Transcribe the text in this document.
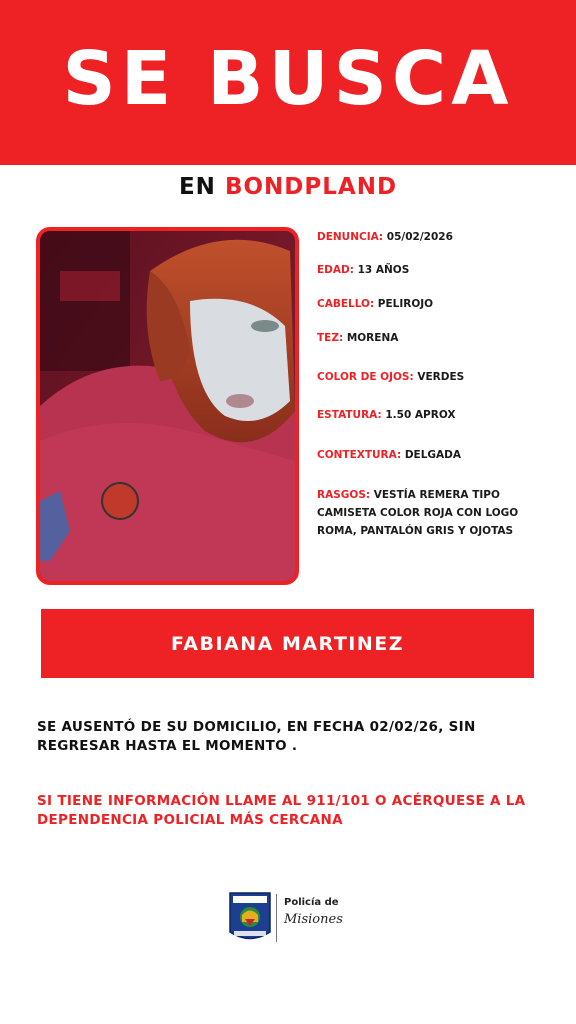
SE BUSCA
EN BONDPLAND
DENUNCIA: 05/02/2026
EDAD: 13 AÑOS
CABELLO: PELIROJO
TEZ: MORENA
COLOR DE OJOS: VERDES
ESTATURA: 1.50 APROX
CONTEXTURA: DELGADA
RASGOS: VESTÍA REMERA TIPO CAMISETA COLOR ROJA CON LOGO ROMA, PANTALÓN GRIS Y OJOTAS
FABIANA MARTINEZ
SE AUSENTÓ DE SU DOMICILIO, EN FECHA 02/02/26, SIN REGRESAR HASTA EL MOMENTO .
SI TIENE INFORMACIÓN LLAME AL 911/101 O ACÉRQUESE A LA DEPENDENCIA POLICIAL MÁS CERCANA
Policía de
Misiones
